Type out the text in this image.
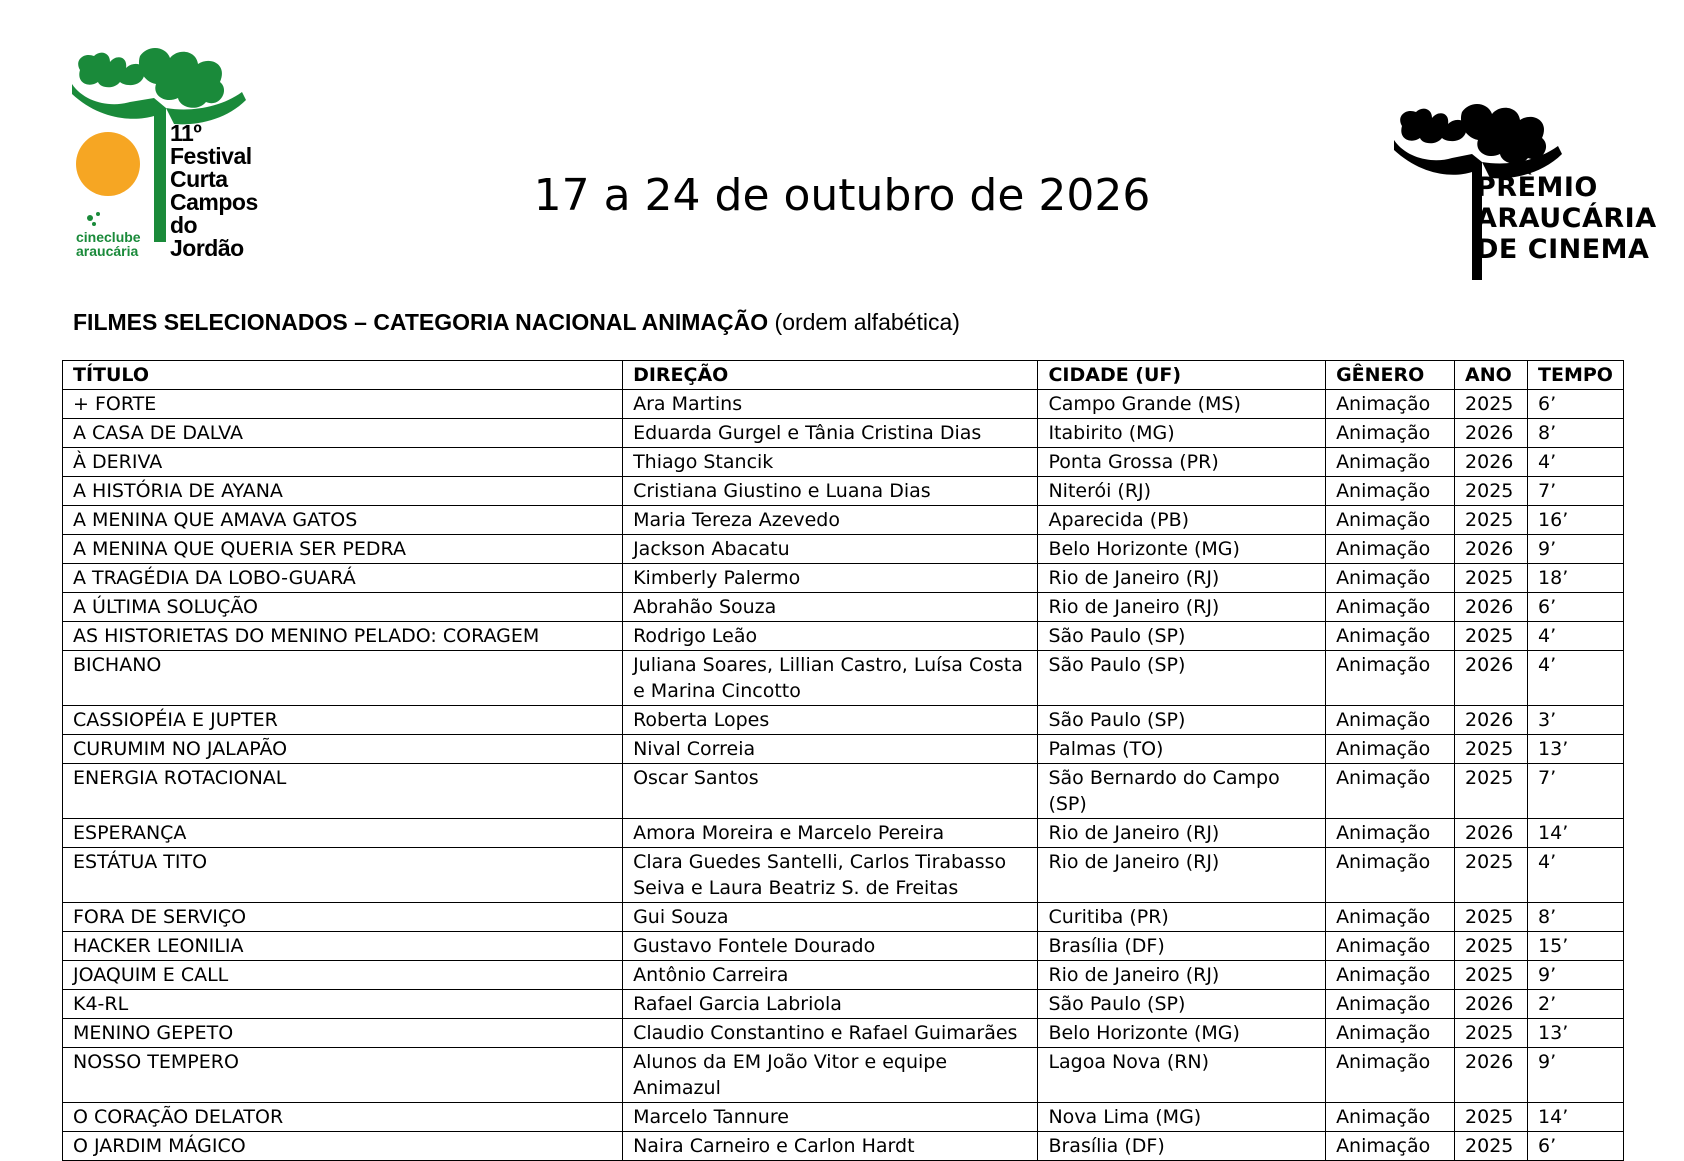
11º
Festival
Curta
Campos
do
Jordão
cineclube
araucária
17 a 24 de outubro de 2026	PRÊMIO
ARAUCÁRIA
DE CINEMA
FILMES SELECIONADOS – CATEGORIA NACIONAL ANIMAÇÃO (ordem alfabética)
TÍTULO	DIREÇÃO	CIDADE (UF)	GÊNERO	ANO	TEMPO
+ FORTE	Ara Martins	Campo Grande (MS)	Animação	2025	6’
A CASA DE DALVA	Eduarda Gurgel e Tânia Cristina Dias	Itabirito (MG)	Animação	2026	8’
À DERIVA	Thiago Stancik	Ponta Grossa (PR)	Animação	2026	4’
A HISTÓRIA DE AYANA	Cristiana Giustino e Luana Dias	Niterói (RJ)	Animação	2025	7’
A MENINA QUE AMAVA GATOS	Maria Tereza Azevedo	Aparecida (PB)	Animação	2025	16’
A MENINA QUE QUERIA SER PEDRA	Jackson Abacatu	Belo Horizonte (MG)	Animação	2026	9’
A TRAGÉDIA DA LOBO-GUARÁ	Kimberly Palermo	Rio de Janeiro (RJ)	Animação	2025	18’
A ÚLTIMA SOLUÇÃO	Abrahão Souza	Rio de Janeiro (RJ)	Animação	2026	6’
AS HISTORIETAS DO MENINO PELADO: CORAGEM	Rodrigo Leão	São Paulo (SP)	Animação	2025	4’
BICHANO	Juliana Soares, Lillian Castro, Luísa Costa e Marina Cincotto	São Paulo (SP)	Animação	2026	4’
CASSIOPÉIA E JUPTER	Roberta Lopes	São Paulo (SP)	Animação	2026	3’
CURUMIM NO JALAPÃO	Nival Correia	Palmas (TO)	Animação	2025	13’
ENERGIA ROTACIONAL	Oscar Santos	São Bernardo do Campo (SP)	Animação	2025	7’
ESPERANÇA	Amora Moreira e Marcelo Pereira	Rio de Janeiro (RJ)	Animação	2026	14’
ESTÁTUA TITO	Clara Guedes Santelli, Carlos Tirabasso Seiva e Laura Beatriz S. de Freitas	Rio de Janeiro (RJ)	Animação	2025	4’
FORA DE SERVIÇO	Gui Souza	Curitiba (PR)	Animação	2025	8’
HACKER LEONILIA	Gustavo Fontele Dourado	Brasília (DF)	Animação	2025	15’
JOAQUIM E CALL	Antônio Carreira	Rio de Janeiro (RJ)	Animação	2025	9’
K4-RL	Rafael Garcia Labriola	São Paulo (SP)	Animação	2026	2’
MENINO GEPETO	Claudio Constantino e Rafael Guimarães	Belo Horizonte (MG)	Animação	2025	13’
NOSSO TEMPERO	Alunos da EM João Vitor e equipe Animazul	Lagoa Nova (RN)	Animação	2026	9’
O CORAÇÃO DELATOR	Marcelo Tannure	Nova Lima (MG)	Animação	2025	14’
O JARDIM MÁGICO	Naira Carneiro e Carlon Hardt	Brasília (DF)	Animação	2025	6’
